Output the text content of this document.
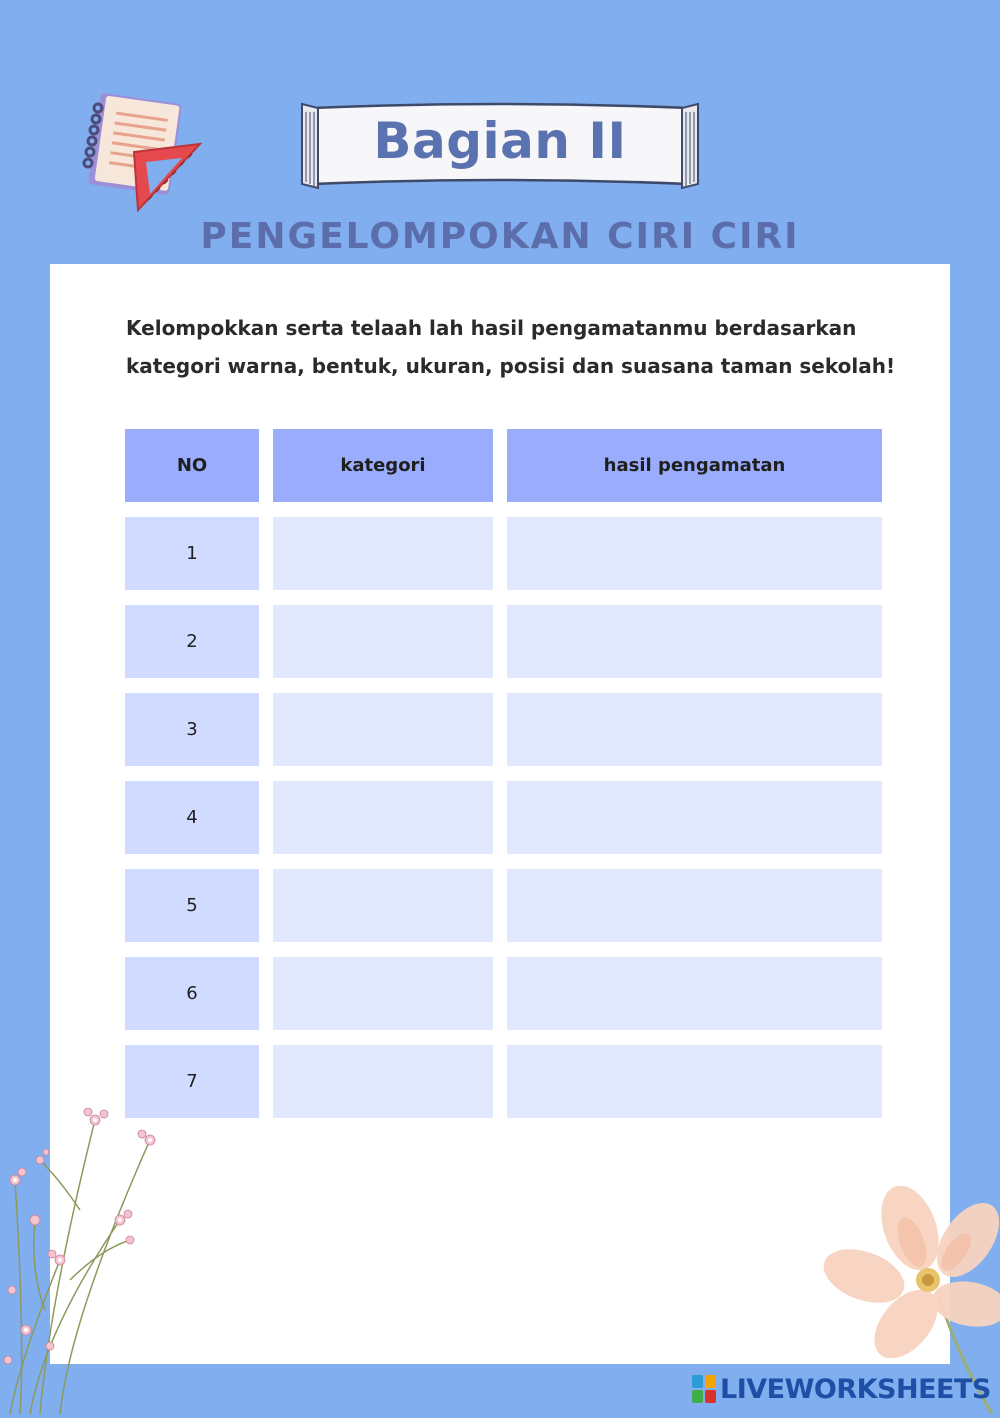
Bagian II
PENGELOMPOKAN CIRI CIRI
Kelompokkan serta telaah lah hasil pengamatanmu berdasarkan
kategori warna, bentuk, ukuran, posisi dan suasana taman sekolah!
NO	kategori	hasil pengamatan
1
2
3
4
5
6
7
LIVEWORKSHEETS
